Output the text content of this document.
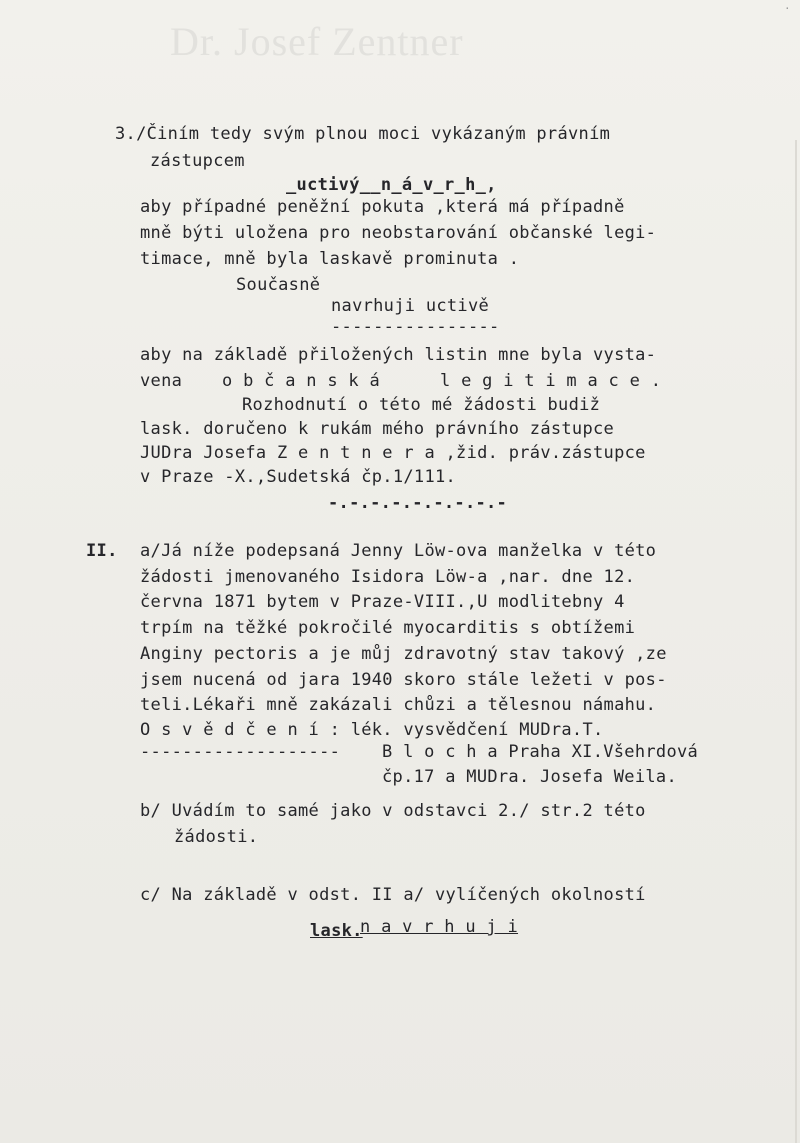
Dr. Josef Zentner
·
3./Činím tedy svým plnou moci vykázaným právním
zástupcem
_uctivý__n_á_v_r_h_,
aby případné peněžní pokuta ,která má případně
mně býti uložena pro neobstarování občanské legi-
timace, mně byla laskavě prominuta .
Současně
navrhuji uctivě
----------------
aby na základě přiložených listin mne byla vysta-
vena o b č a n s k á	l e g i t i m a c e .
Rozhodnutí o této mé žádosti budiž
lask. doručeno k rukám mého právního zástupce
JUDra Josefa Z e n t n e r a ,žid. práv.zástupce
v Praze -X.,Sudetská čp.1/111.
-.-.-.-.-.-.-.-.-
II. a/Já níže podepsaná Jenny Löw-ova manželka v této
žádosti jmenovaného Isidora Löw-a ,nar. dne 12.
června 1871 bytem v Praze-VIII.,U modlitebny 4
trpím na těžké pokročilé myocarditis s obtížemi
Anginy pectoris a je můj zdravotný stav takový ,ze
jsem nucená od jara 1940 skoro stále ležeti v pos-
teli.Lékaři mně zakázali chůzi a tělesnou námahu.
O s v ě d č e n í : lék. vysvědčení MUDra.T.
------------------- B l o c h a Praha XI.Všehrdová
čp.17 a MUDra. Josefa Weila.
b/ Uvádím to samé jako v odstavci 2./ str.2 této
žádosti.
c/ Na základě v odst. II a/ vylíčených okolností
lask.
n a v r h u j i
